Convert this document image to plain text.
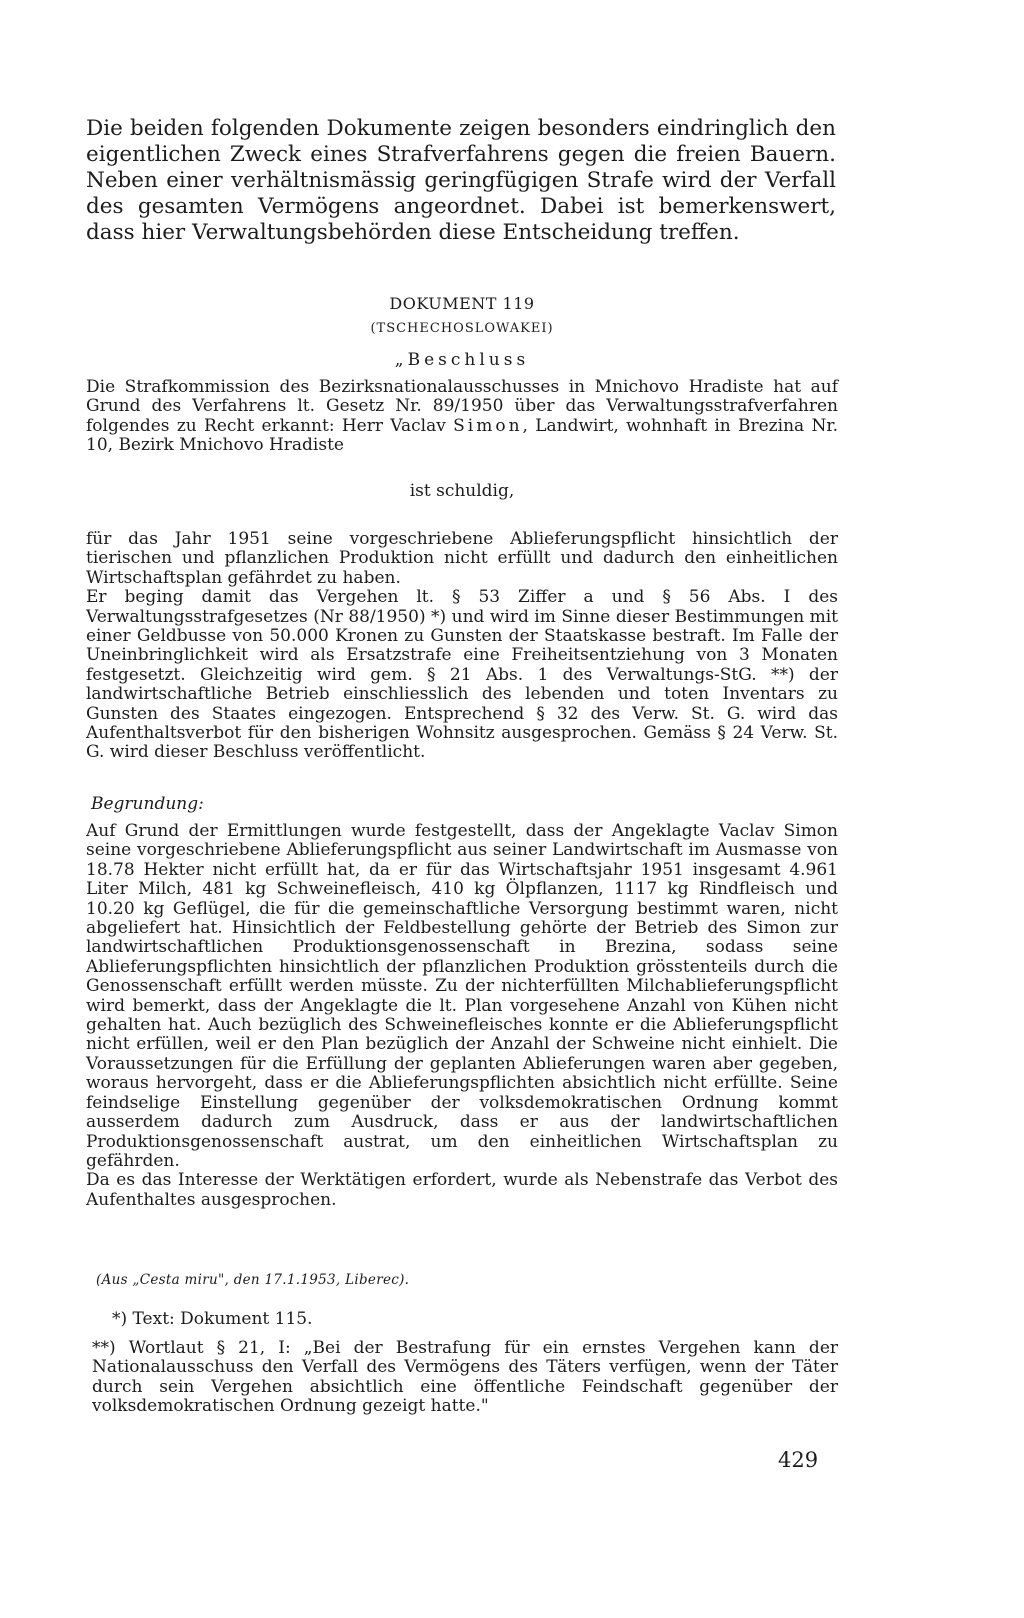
Die beiden folgenden Dokumente zeigen besonders eindringlich den eigentlichen Zweck eines Strafverfahrens gegen die freien Bauern. Neben einer verhältnismässig geringfügigen Strafe wird der Verfall des gesamten Vermögens angeordnet. Dabei ist bemerkenswert, dass hier Verwaltungsbehörden diese Entscheidung treffen.

DOKUMENT 119

(TSCHECHOSLOWAKEI)

„Beschluss

Die Strafkommission des Bezirksnationalausschusses in Mnichovo Hradiste hat auf Grund des Verfahrens lt. Gesetz Nr. 89/1950 über das Verwaltungsstrafverfahren folgendes zu Recht erkannt: Herr Vaclav Simon, Landwirt, wohnhaft in Brezina Nr. 10, Bezirk Mnichovo Hradiste

ist schuldig,

für das Jahr 1951 seine vorgeschriebene Ablieferungspflicht hinsichtlich der tierischen und pflanzlichen Produktion nicht erfüllt und dadurch den einheitlichen Wirtschaftsplan gefährdet zu haben.
Er beging damit das Vergehen lt. § 53 Ziffer a und § 56 Abs. I des Verwaltungsstrafgesetzes (Nr 88/1950) *) und wird im Sinne dieser Bestimmungen mit einer Geldbusse von 50.000 Kronen zu Gunsten der Staatskasse bestraft. Im Falle der Uneinbringlichkeit wird als Ersatzstrafe eine Freiheitsentziehung von 3 Monaten festgesetzt. Gleichzeitig wird gem. § 21 Abs. 1 des Verwaltungs-StG. **) der landwirtschaftliche Betrieb einschliesslich des lebenden und toten Inventars zu Gunsten des Staates eingezogen. Entsprechend § 32 des Verw. St. G. wird das Aufenthaltsverbot für den bisherigen Wohnsitz ausgesprochen. Gemäss § 24 Verw. St. G. wird dieser Beschluss veröffentlicht.

Begrundung:

Auf Grund der Ermittlungen wurde festgestellt, dass der Angeklagte Vaclav Simon seine vorgeschriebene Ablieferungspflicht aus seiner Landwirtschaft im Ausmasse von 18.78 Hekter nicht erfüllt hat, da er für das Wirtschaftsjahr 1951 insgesamt 4.961 Liter Milch, 481 kg Schweinefleisch, 410 kg Ölpflanzen, 1117 kg Rindfleisch und 10.20 kg Geflügel, die für die gemeinschaftliche Versorgung bestimmt waren, nicht abgeliefert hat. Hinsichtlich der Feldbestellung gehörte der Betrieb des Simon zur landwirtschaftlichen Produktionsgenossenschaft in Brezina, sodass seine Ablieferungspflichten hinsichtlich der pflanzlichen Produktion grösstenteils durch die Genossenschaft erfüllt werden müsste. Zu der nichterfüllten Milchablieferungspflicht wird bemerkt, dass der Angeklagte die lt. Plan vorgesehene Anzahl von Kühen nicht gehalten hat. Auch bezüglich des Schweinefleisches konnte er die Ablieferungspflicht nicht erfüllen, weil er den Plan bezüglich der Anzahl der Schweine nicht einhielt. Die Voraussetzungen für die Erfüllung der geplanten Ablieferungen waren aber gegeben, woraus hervorgeht, dass er die Ablieferungspflichten absichtlich nicht erfüllte. Seine feindselige Einstellung gegenüber der volksdemokratischen Ordnung kommt ausserdem dadurch zum Ausdruck, dass er aus der landwirtschaftlichen Produktionsgenossenschaft austrat, um den einheitlichen Wirtschaftsplan zu gefährden.
Da es das Interesse der Werktätigen erfordert, wurde als Nebenstrafe das Verbot des Aufenthaltes ausgesprochen.

(Aus „Cesta miru", den 17.1.1953, Liberec).

*) Text: Dokument 115.

**) Wortlaut § 21, I: „Bei der Bestrafung für ein ernstes Vergehen kann der Nationalausschuss den Verfall des Vermögens des Täters verfügen, wenn der Täter durch sein Vergehen absichtlich eine öffentliche Feindschaft gegenüber der volksdemokratischen Ordnung gezeigt hatte."

429
